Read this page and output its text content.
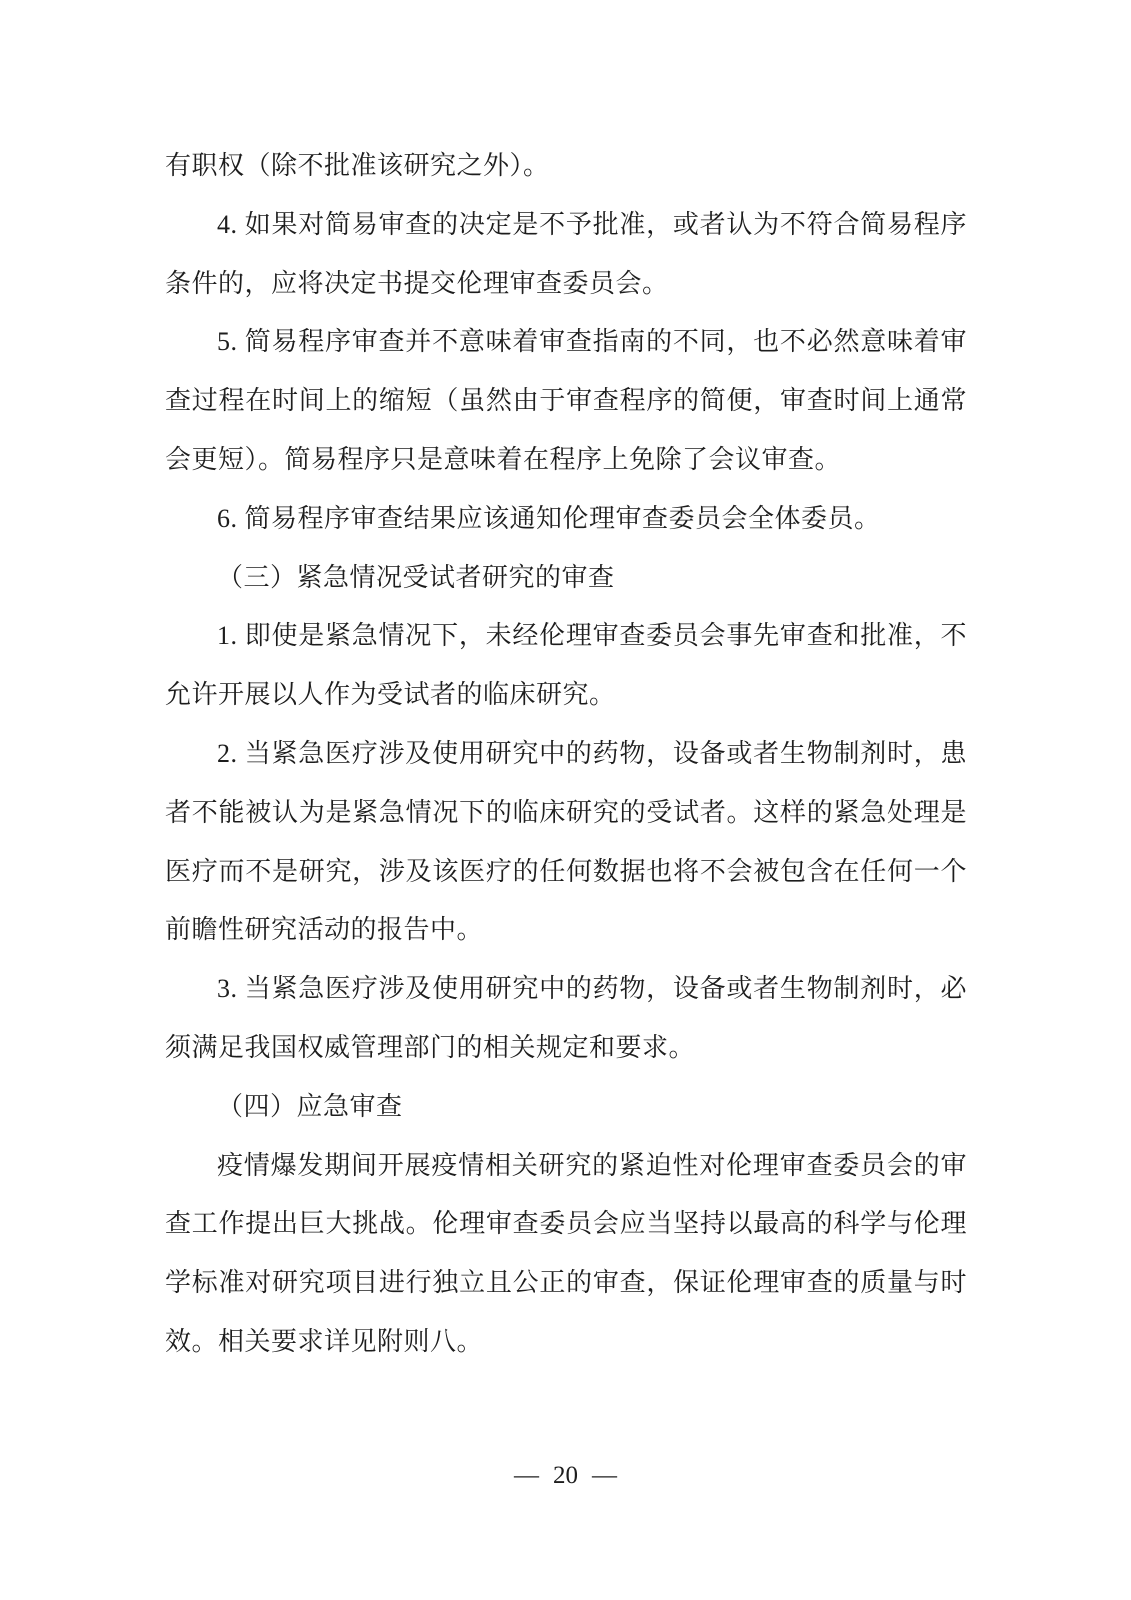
有职权（除不批准该研究之外）。
4. 如果对简易审查的决定是不予批准，或者认为不符合简易程序
条件的，应将决定书提交伦理审查委员会。
5. 简易程序审查并不意味着审查指南的不同，也不必然意味着审
查过程在时间上的缩短（虽然由于审查程序的简便，审查时间上通常
会更短）。简易程序只是意味着在程序上免除了会议审查。
6. 简易程序审查结果应该通知伦理审查委员会全体委员。
（三）紧急情况受试者研究的审查
1. 即使是紧急情况下，未经伦理审查委员会事先审查和批准，不
允许开展以人作为受试者的临床研究。
2. 当紧急医疗涉及使用研究中的药物，设备或者生物制剂时，患
者不能被认为是紧急情况下的临床研究的受试者。这样的紧急处理是
医疗而不是研究，涉及该医疗的任何数据也将不会被包含在任何一个
前瞻性研究活动的报告中。
3. 当紧急医疗涉及使用研究中的药物，设备或者生物制剂时，必
须满足我国权威管理部门的相关规定和要求。
（四）应急审查
疫情爆发期间开展疫情相关研究的紧迫性对伦理审查委员会的审
查工作提出巨大挑战。伦理审查委员会应当坚持以最高的科学与伦理
学标准对研究项目进行独立且公正的审查，保证伦理审查的质量与时
效。相关要求详见附则八。
— 20 —
